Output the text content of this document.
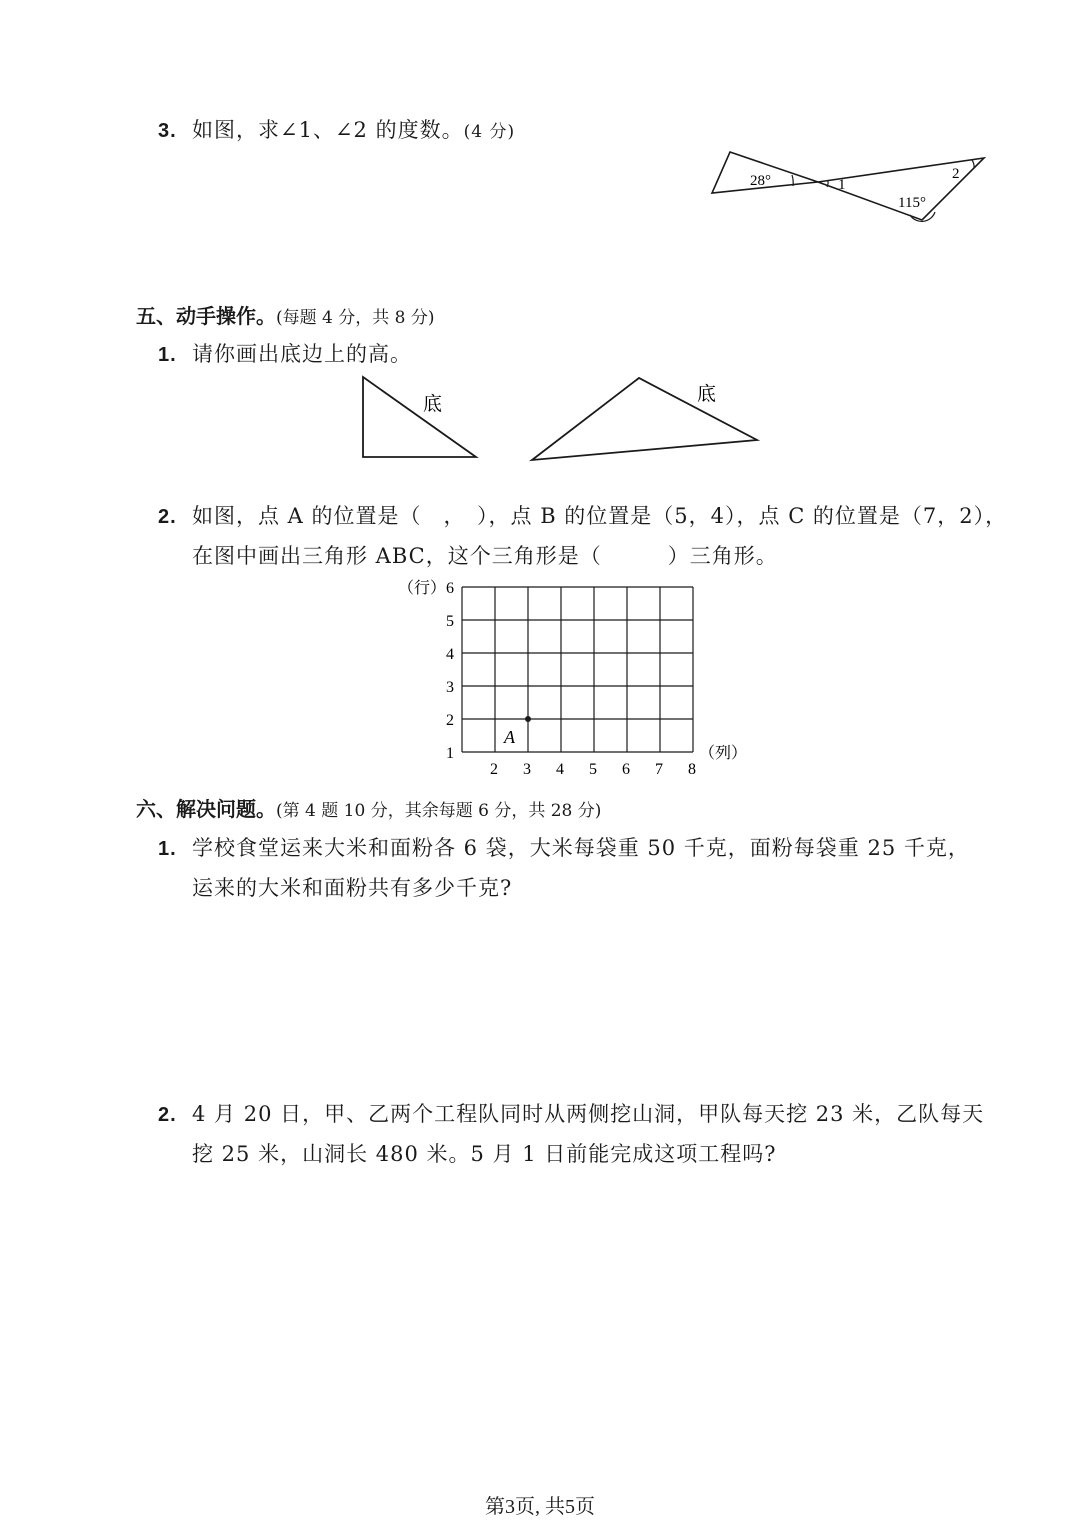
3. 如图，求∠1、∠2 的度数。(4 分)
28°	1
2
115°
五、动手操作。(每题 4 分，共 8 分)
1. 请你画出底边上的高。
底	底
2. 如图，点 A 的位置是（　，　），点 B 的位置是（5，4），点 C 的位置是（7，2），
在图中画出三角形 ABC，这个三角形是（　　　）三角形。
6
5
4
3
2
1
2 3 4 5 6 7 8
（行）
（列）
A
六、解决问题。(第 4 题 10 分，其余每题 6 分，共 28 分)
1. 学校食堂运来大米和面粉各 6 袋，大米每袋重 50 千克，面粉每袋重 25 千克，
运来的大米和面粉共有多少千克?
2. 4 月 20 日，甲、乙两个工程队同时从两侧挖山洞，甲队每天挖 23 米，乙队每天
挖 25 米，山洞长 480 米。5 月 1 日前能完成这项工程吗?
第3页, 共5页
